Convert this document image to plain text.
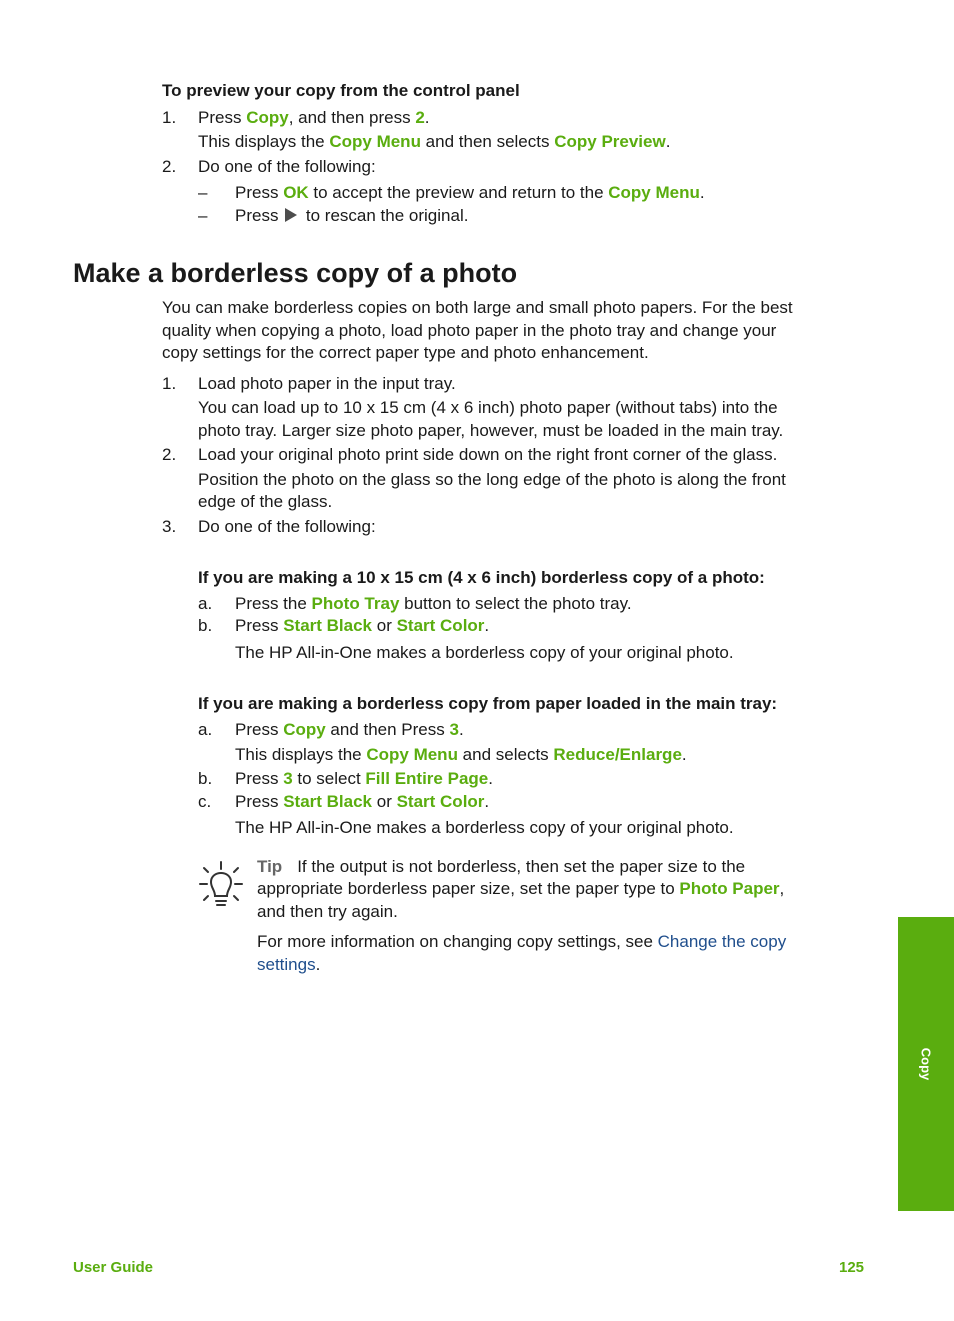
To preview your copy from the control panel
1. Press Copy, and then press 2.
This displays the Copy Menu and then selects Copy Preview.
2. Do one of the following:
– Press OK to accept the preview and return to the Copy Menu.
– Press  to rescan the original.
Make a borderless copy of a photo
You can make borderless copies on both large and small photo papers. For the best
quality when copying a photo, load photo paper in the photo tray and change your
copy settings for the correct paper type and photo enhancement.
1. Load photo paper in the input tray.
You can load up to 10 x 15 cm (4 x 6 inch) photo paper (without tabs) into the
photo tray. Larger size photo paper, however, must be loaded in the main tray.
2. Load your original photo print side down on the right front corner of the glass.
Position the photo on the glass so the long edge of the photo is along the front
edge of the glass.
3. Do one of the following:
If you are making a 10 x 15 cm (4 x 6 inch) borderless copy of a photo:
a. Press the Photo Tray button to select the photo tray.
b. Press Start Black or Start Color.
The HP All-in-One makes a borderless copy of your original photo.
If you are making a borderless copy from paper loaded in the main tray:
a. Press Copy and then Press 3.
This displays the Copy Menu and selects Reduce/Enlarge.
b. Press 3 to select Fill Entire Page.
c. Press Start Black or Start Color.
The HP All-in-One makes a borderless copy of your original photo.
Tip If the output is not borderless, then set the paper size to the
appropriate borderless paper size, set the paper type to Photo Paper,
and then try again.
For more information on changing copy settings, see Change the copy
settings.
Copy
User Guide	125
